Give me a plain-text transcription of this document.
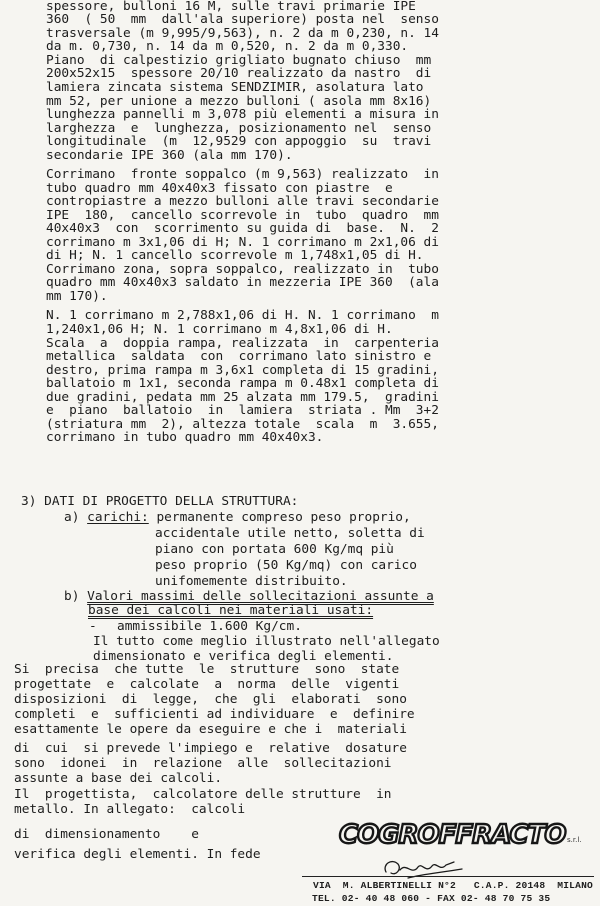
spessore, bulloni 16 M, sulle travi primarie IPE
360  ( 50  mm  dall'ala superiore) posta nel  senso
trasversale (m 9,995/9,563), n. 2 da m 0,230, n. 14
da m. 0,730, n. 14 da m 0,520, n. 2 da m 0,330.
Piano  di calpestizio grigliato bugnato chiuso  mm
200x52x15  spessore 20/10 realizzato da nastro  di
lamiera zincata sistema SENDZIMIR, asolatura lato
mm 52, per unione a mezzo bulloni ( asola mm 8x16)
lunghezza pannelli m 3,078 più elementi a misura in
larghezza  e  lunghezza, posizionamento nel  senso
longitudinale  (m  12,9529 con appoggio  su  travi
secondarie IPE 360 (ala mm 170).
Corrimano  fronte soppalco (m 9,563) realizzato  in
tubo quadro mm 40x40x3 fissato con piastre  e
contropiastre a mezzo bulloni alle travi secondarie
IPE  180,  cancello scorrevole in  tubo  quadro  mm
40x40x3  con  scorrimento su guida di  base.  N.  2
corrimano m 3x1,06 di H; N. 1 corrimano m 2x1,06 di
di H; N. 1 cancello scorrevole m 1,748x1,05 di H.
Corrimano zona, sopra soppalco, realizzato in  tubo
quadro mm 40x40x3 saldato in mezzeria IPE 360  (ala
mm 170).
N. 1 corrimano m 2,788x1,06 di H. N. 1 corrimano  m
1,240x1,06 H; N. 1 corrimano m 4,8x1,06 di H.
Scala  a  doppia rampa, realizzata  in  carpenteria
metallica  saldata  con  corrimano lato sinistro e
destro, prima rampa m 3,6x1 completa di 15 gradini,
ballatoio m 1x1, seconda rampa m 0.48x1 completa di
due gradini, pedata mm 25 alzata mm 179.5,  gradini
e  piano  ballatoio  in  lamiera  striata . Mm  3+2
(striatura mm  2), altezza totale  scala  m  3.655,
corrimano in tubo quadro mm 40x40x3.
3) DATI DI PROGETTO DELLA STRUTTURA:
a) carichi: permanente compreso peso proprio,
accidentale utile netto, soletta di
piano con portata 600 Kg/mq più
peso proprio (50 Kg/mq) con carico
unifomemente distribuito.
b) Valori massimi delle sollecitazioni assunte a
base dei calcoli nei materiali usati:
- ammissibile 1.600 Kg/cm.
Il tutto come meglio illustrato nell'allegato
dimensionato e verifica degli elementi.
Si  precisa  che tutte  le  strutture  sono  state
progettate  e  calcolate  a  norma  delle  vigenti
disposizioni  di  legge,  che  gli  elaborati  sono
completi  e  sufficienti ad individuare  e  definire
esattamente le opere da eseguire e che i  materiali
di  cui  si prevede l'impiego e  relative  dosature
sono  idonei  in  relazione  alle  sollecitazioni
assunte a base dei calcoli.
Il  progettista,  calcolatore delle strutture  in
metallo. In allegato:  calcoli
di  dimensionamento    e
verifica degli elementi. In fede
COGROFFRACTO s.r.l.
VIA  M. ALBERTINELLI N°2   C.A.P. 20148  MILANO
TEL. 02- 40 48 060 - FAX 02- 48 70 75 35
